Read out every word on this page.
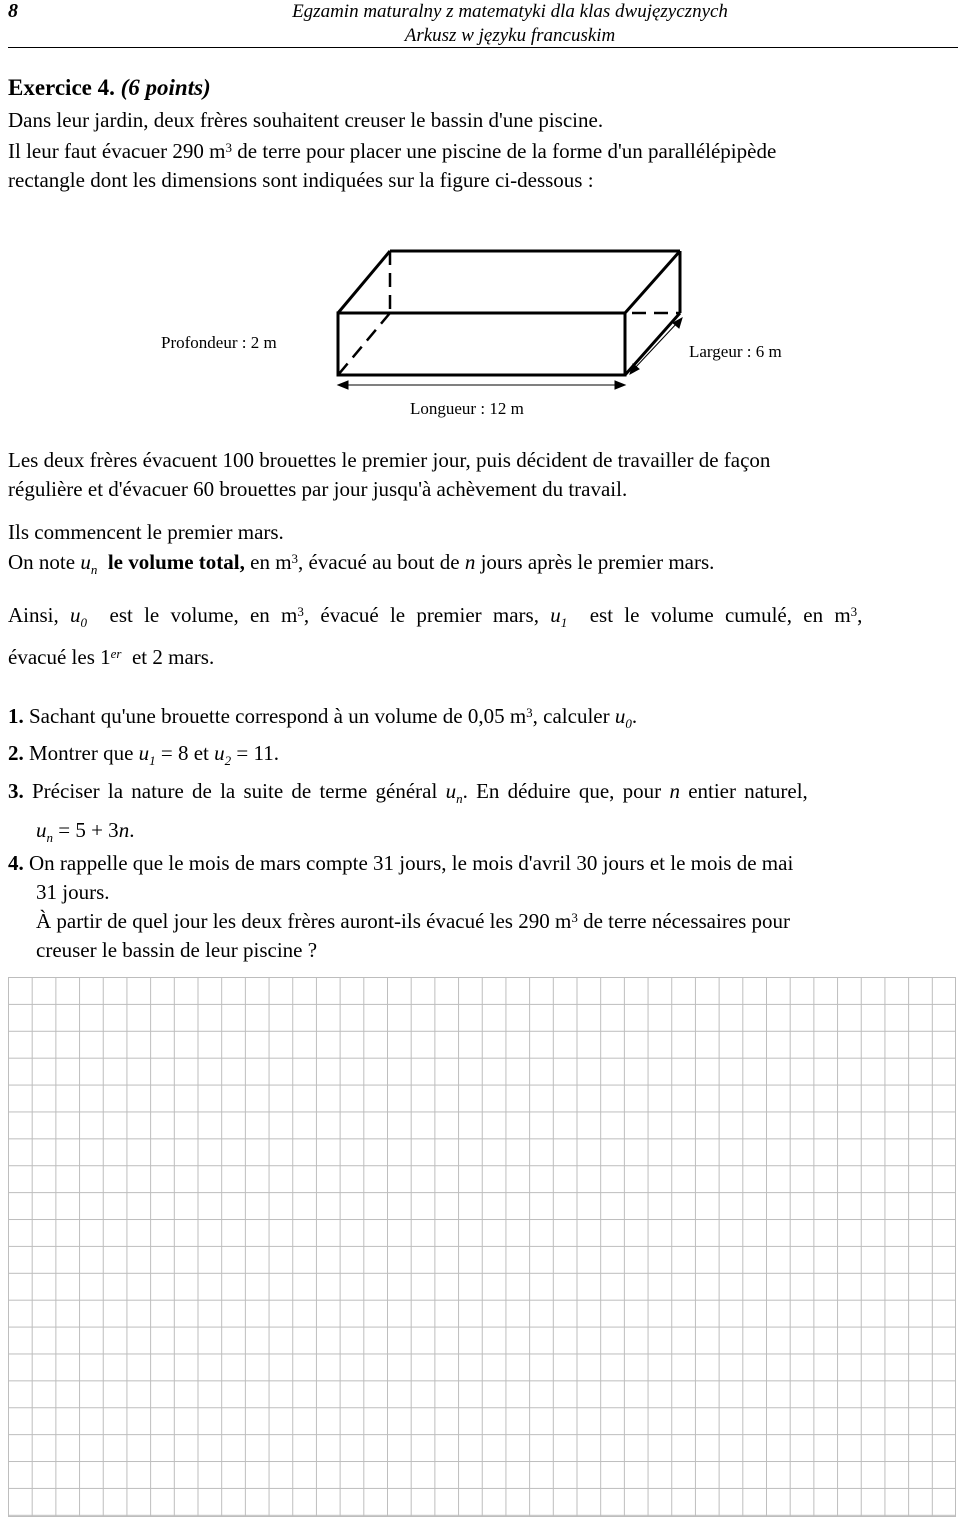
8	Egzamin maturalny z matematyki dla klas dwujęzycznych
Arkusz w języku francuskim
Exercice 4. (6 points)
Dans leur jardin, deux frères souhaitent creuser le bassin d'une piscine.
Il leur faut évacuer 290 $m^3$ de terre pour placer une piscine de la forme d'un parallélépipède
rectangle dont les dimensions sont indiquées sur la figure ci-dessous :
Profondeur : 2 m	Largeur : 6 m
Longueur : 12 m
Les deux frères évacuent 100 brouettes le premier jour, puis décident de travailler de façon
régulière et d'évacuer 60 brouettes par jour jusqu'à achèvement du travail.
Ils commencent le premier mars.
On note $u_n$ le volume total, en $m^3$, évacué au bout de n jours après le premier mars.
Ainsi, $u_0$  est le volume, en $m^3$, évacué le premier mars, $u_1$  est le volume cumulé, en $m^3$,
évacué les 1er  et 2 mars.
1. Sachant qu'une brouette correspond à un volume de 0,05 $m^3$, calculer $u_0$.
2. Montrer que $u_1 = 8$ et $u_2 = 11$.
3. Préciser la nature de la suite de terme général $u_n$. En déduire que, pour n entier naturel,
$u_n = 5 + 3n$.
4. On rappelle que le mois de mars compte 31 jours, le mois d'avril 30 jours et le mois de mai
31 jours.
À partir de quel jour les deux frères auront-ils évacué les 290 $m^3$ de terre nécessaires pour
creuser le bassin de leur piscine ?
